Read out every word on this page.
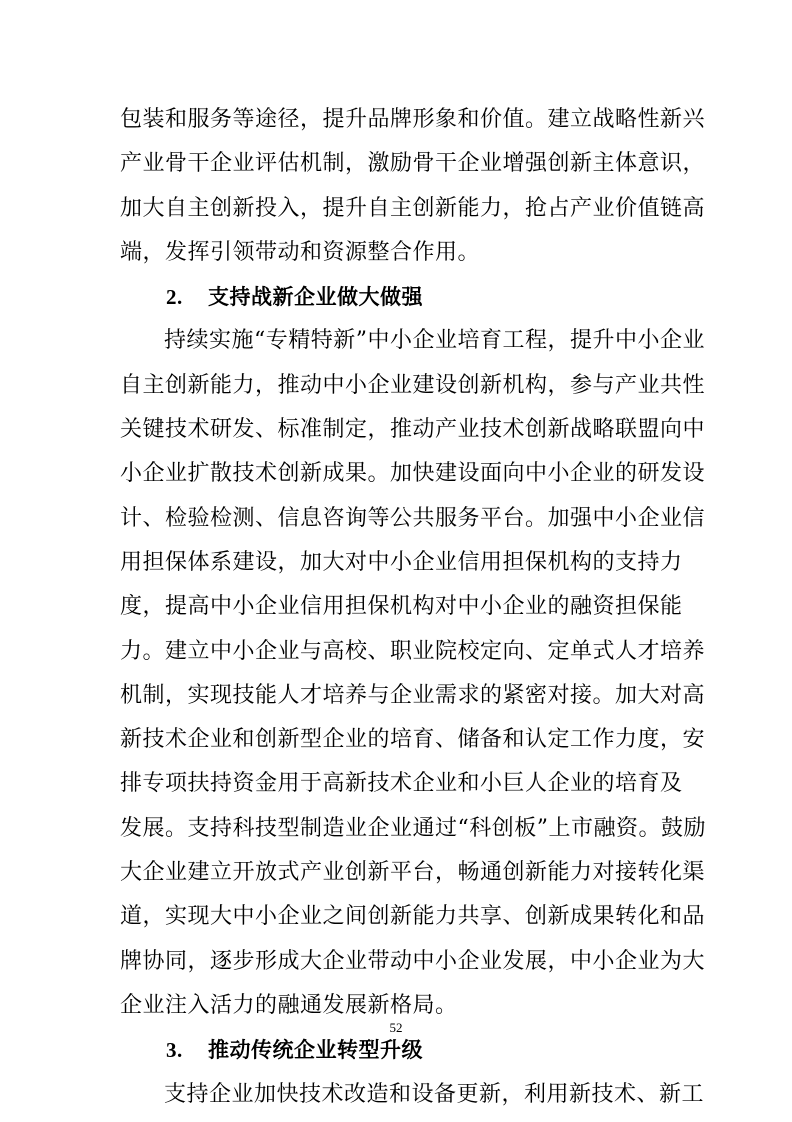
包装和服务等途径，提升品牌形象和价值。建立战略性新兴
产业骨干企业评估机制，激励骨干企业增强创新主体意识，
加大自主创新投入，提升自主创新能力，抢占产业价值链高
端，发挥引领带动和资源整合作用。
2. 支持战新企业做大做强
持续实施“专精特新”中小企业培育工程，提升中小企业
自主创新能力，推动中小企业建设创新机构，参与产业共性
关键技术研发、标准制定，推动产业技术创新战略联盟向中
小企业扩散技术创新成果。加快建设面向中小企业的研发设
计、检验检测、信息咨询等公共服务平台。加强中小企业信
用担保体系建设，加大对中小企业信用担保机构的支持力
度，提高中小企业信用担保机构对中小企业的融资担保能
力。建立中小企业与高校、职业院校定向、定单式人才培养
机制，实现技能人才培养与企业需求的紧密对接。加大对高
新技术企业和创新型企业的培育、储备和认定工作力度，安
排专项扶持资金用于高新技术企业和小巨人企业的培育及
发展。支持科技型制造业企业通过“科创板”上市融资。鼓励
大企业建立开放式产业创新平台，畅通创新能力对接转化渠
道，实现大中小企业之间创新能力共享、创新成果转化和品
牌协同，逐步形成大企业带动中小企业发展，中小企业为大
企业注入活力的融通发展新格局。
3. 推动传统企业转型升级
支持企业加快技术改造和设备更新，利用新技术、新工
52
